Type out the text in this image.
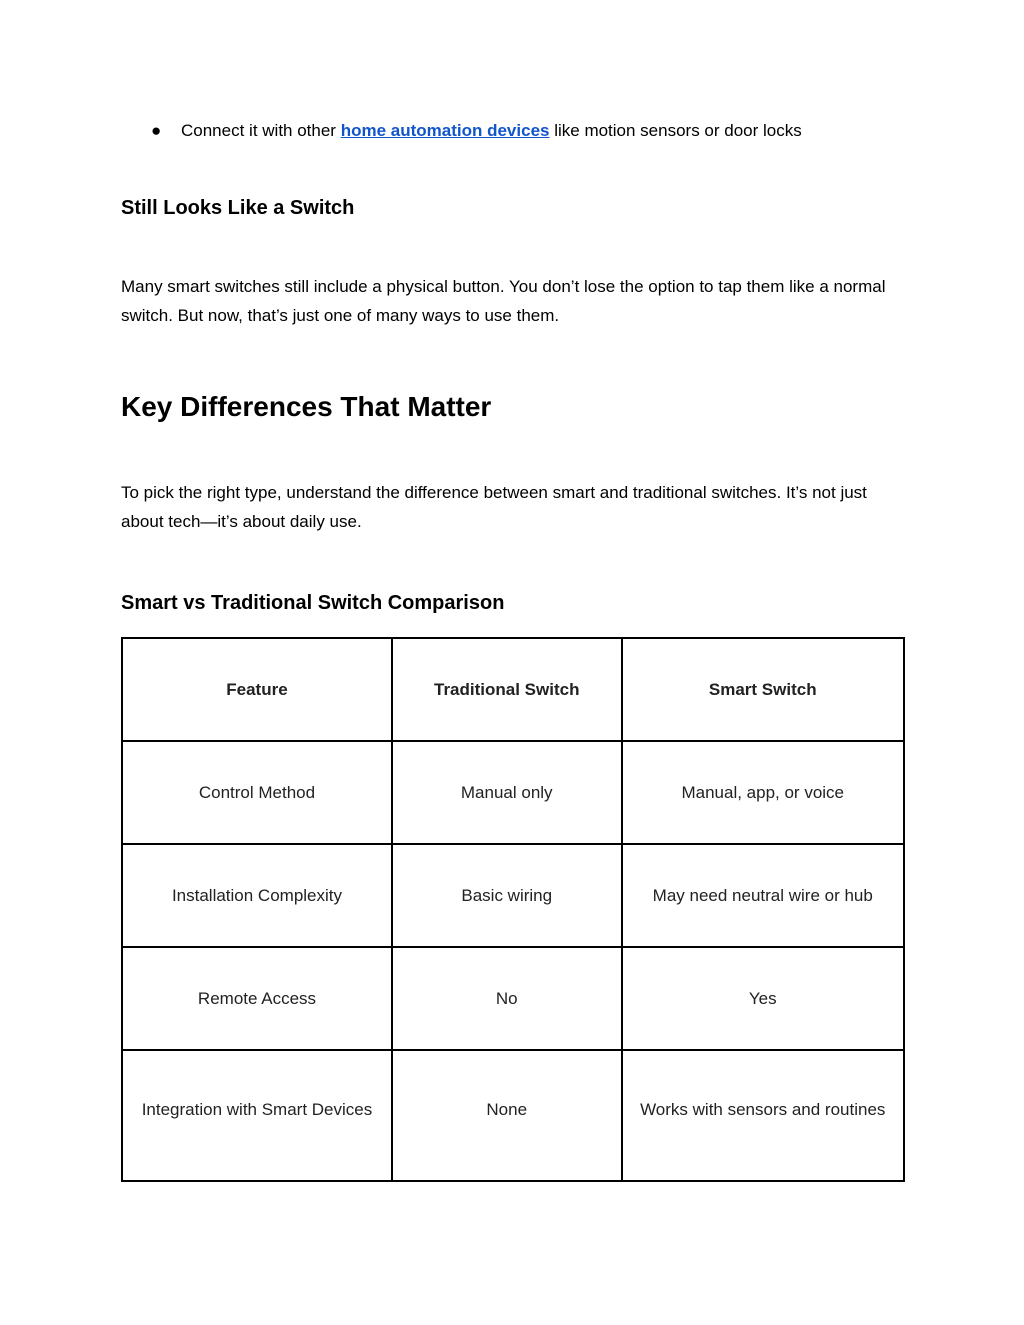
● Connect it with other home automation devices like motion sensors or door locks
Still Looks Like a Switch

Many smart switches still include a physical button. You don’t lose the option to tap them like a normal switch. But now, that’s just one of many ways to use them.

Key Differences That Matter

To pick the right type, understand the difference between smart and traditional switches. It’s not just about tech—it’s about daily use.

Smart vs Traditional Switch Comparison
Feature	Traditional Switch	Smart Switch
Control Method	Manual only	Manual, app, or voice
Installation Complexity	Basic wiring	May need neutral wire or hub
Remote Access	No	Yes
Integration with Smart Devices	None	Works with sensors and routines
